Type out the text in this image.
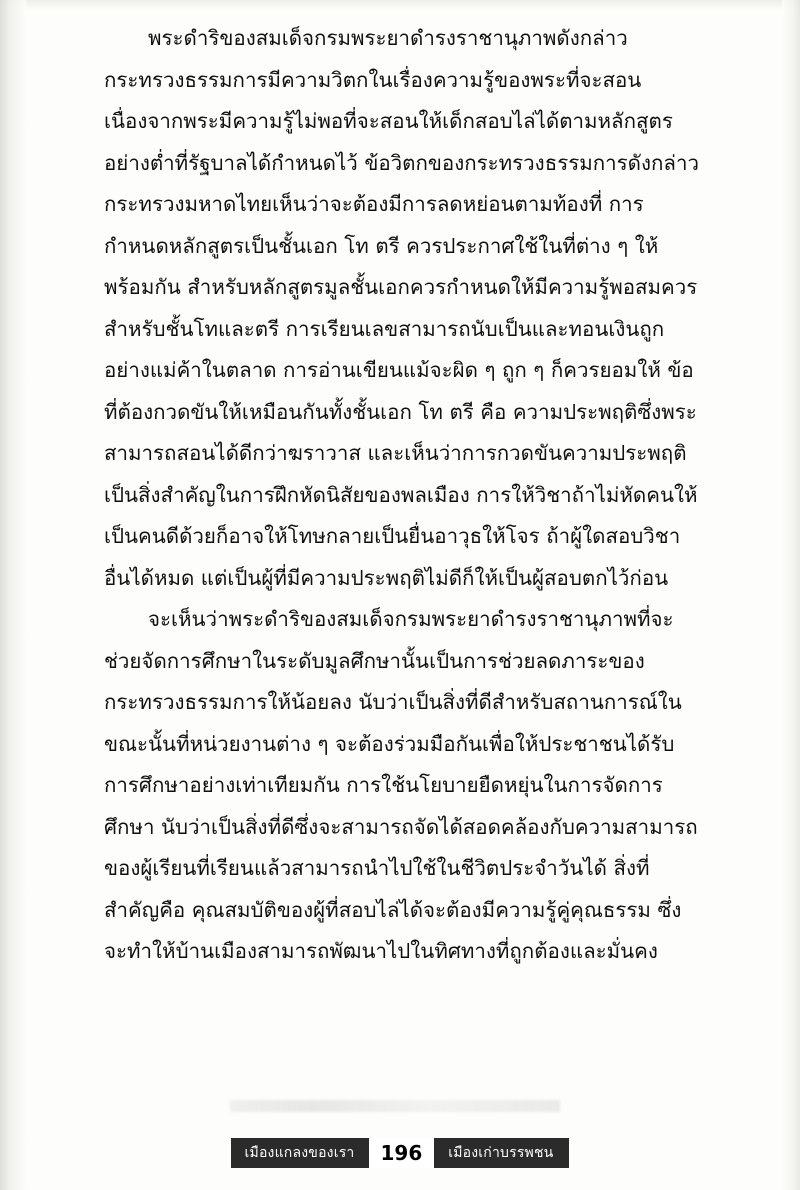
พระดำริของสมเด็จกรมพระยาดำรงราชานุภาพดังกล่าว กระทรวงธรรมการมีความวิตกในเรื่องความรู้ของพระที่จะสอน เนื่องจากพระมีความรู้ไม่พอที่จะสอนให้เด็กสอบไล่ได้ตามหลักสูตรอย่างต่ำที่รัฐบาลได้กำหนดไว้ ข้อวิตกของกระทรวงธรรมการดังกล่าว กระทรวงมหาดไทยเห็นว่าจะต้องมีการลดหย่อนตามท้องที่ การกำหนดหลักสูตรเป็นชั้นเอก โท ตรี ควรประกาศใช้ในที่ต่าง ๆ ให้พร้อมกัน สำหรับหลักสูตรมูลชั้นเอกควรกำหนดให้มีความรู้พอสมควร สำหรับชั้นโทและตรี การเรียนเลขสามารถนับเป็นและทอนเงินถูกอย่างแม่ค้าในตลาด การอ่านเขียนแม้จะผิด ๆ ถูก ๆ ก็ควรยอมให้ ข้อที่ต้องกวดขันให้เหมือนกันทั้งชั้นเอก โท ตรี คือ ความประพฤติซึ่งพระสามารถสอนได้ดีกว่าฆราวาส และเห็นว่าการกวดขันความประพฤติเป็นสิ่งสำคัญในการฝึกหัดนิสัยของพลเมือง การให้วิชาถ้าไม่หัดคนให้เป็นคนดีด้วยก็อาจให้โทษกลายเป็นยื่นอาวุธให้โจร ถ้าผู้ใดสอบวิชาอื่นได้หมด แต่เป็นผู้ที่มีความประพฤติไม่ดีก็ให้เป็นผู้สอบตกไว้ก่อน

จะเห็นว่าพระดำริของสมเด็จกรมพระยาดำรงราชานุภาพที่จะช่วยจัดการศึกษาในระดับมูลศึกษานั้นเป็นการช่วยลดภาระของกระทรวงธรรมการให้น้อยลง นับว่าเป็นสิ่งที่ดีสำหรับสถานการณ์ในขณะนั้นที่หน่วยงานต่าง ๆ จะต้องร่วมมือกันเพื่อให้ประชาชนได้รับการศึกษาอย่างเท่าเทียมกัน การใช้นโยบายยืดหยุ่นในการจัดการศึกษา นับว่าเป็นสิ่งที่ดีซึ่งจะสามารถจัดได้สอดคล้องกับความสามารถของผู้เรียนที่เรียนแล้วสามารถนำไปใช้ในชีวิตประจำวันได้ สิ่งที่สำคัญคือ คุณสมบัติของผู้ที่สอบไล่ได้จะต้องมีความรู้คู่คุณธรรม ซึ่งจะทำให้บ้านเมืองสามารถพัฒนาไปในทิศทางที่ถูกต้องและมั่นคง

เมืองแกลงของเรา	196	เมืองเก่าบรรพชน
